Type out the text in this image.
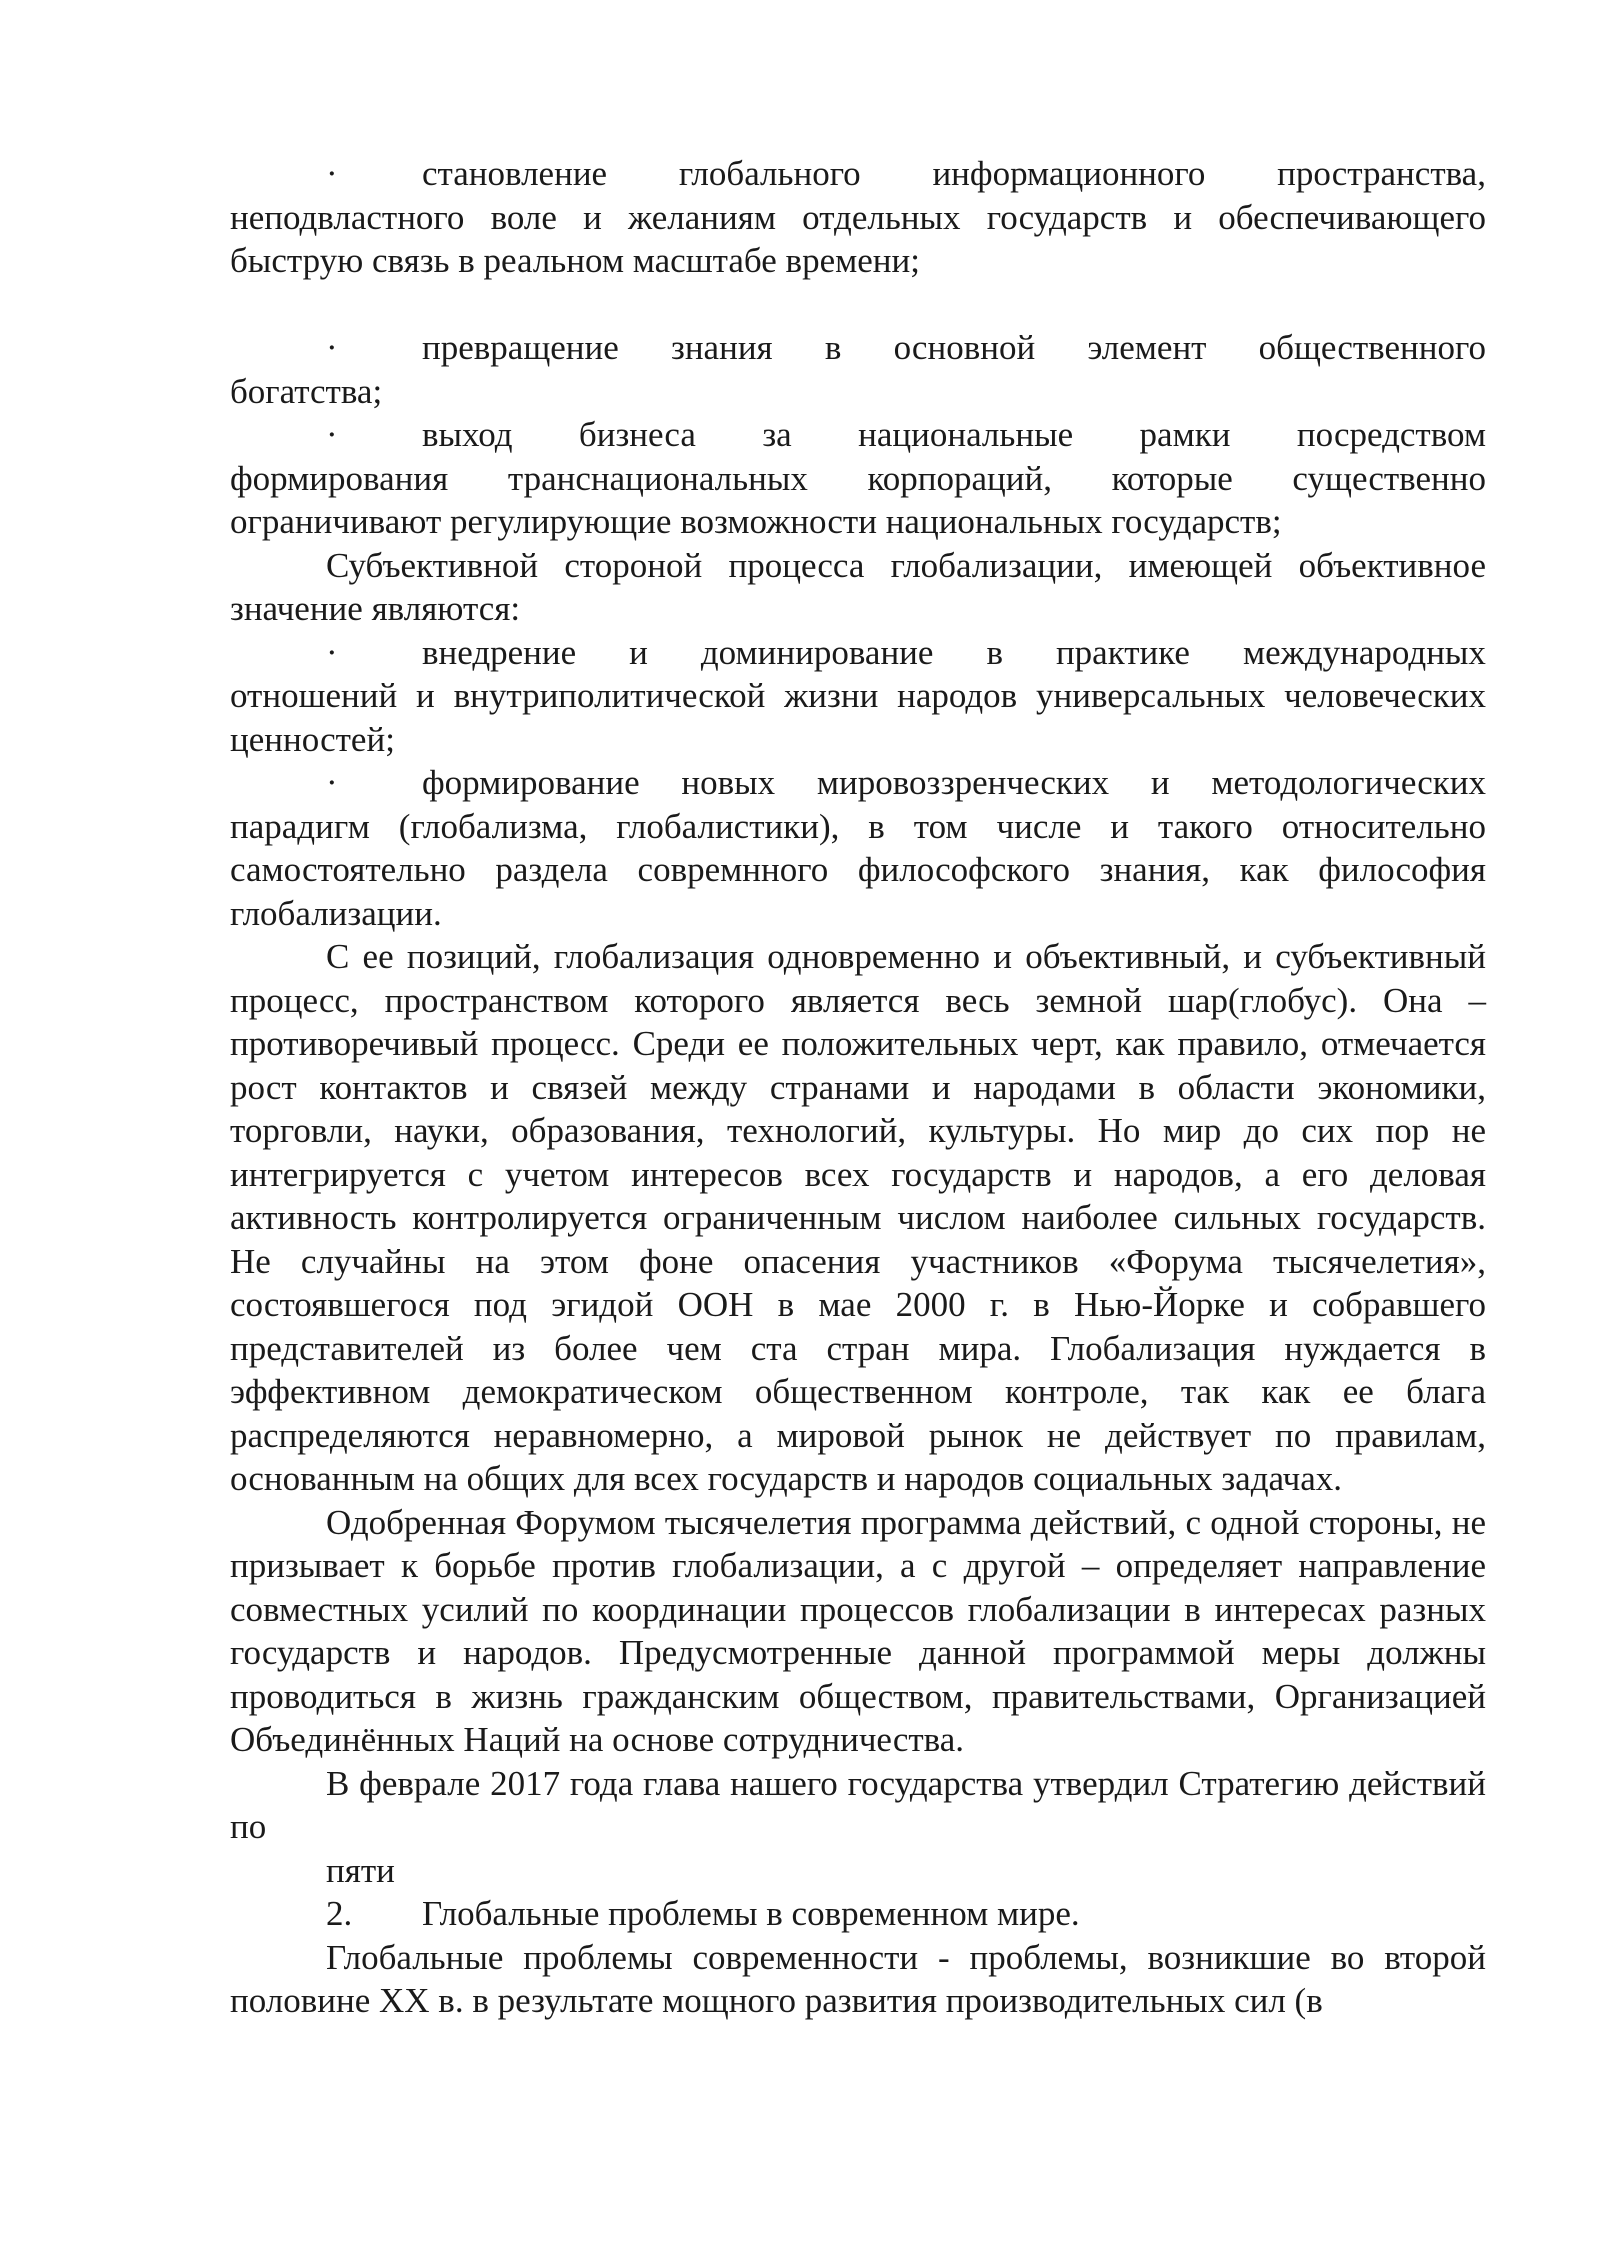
·	становление глобального информационного пространства,
неподвластного воле и желаниям отдельных государств и обеспечивающего быструю связь в реальном масштабе времени;
·	превращение знания в основной элемент общественного
богатства;
·	выход бизнеса за национальные рамки посредством
формирования транснациональных корпораций, которые существенно ограничивают регулирующие возможности национальных государств;

Субъективной стороной процесса глобализации, имеющей объективное значение являются:

·	внедрение и доминирование в практике международных
отношений и внутриполитической жизни народов универсальных человеческих ценностей;
·	формирование новых мировоззренческих и методологических
парадигм (глобализма, глобалистики), в том числе и такого относительно самостоятельно раздела совремнного философского знания, как философия глобализации.

С ее позиций, глобализация одновременно и объективный, и субъективный процесс, пространством которого является весь земной шар(глобус). Она – противоречивый процесс. Среди ее положительных черт, как правило, отмечается рост контактов и связей между странами и народами в области экономики, торговли, науки, образования, технологий, культуры. Но мир до сих пор не интегрируется с учетом интересов всех государств и народов, а его деловая активность контролируется ограниченным числом наиболее сильных государств. Не случайны на этом фоне опасения участников «Форума тысячелетия», состоявшегося под эгидой ООН в мае 2000 г. в Нью-Йорке и собравшего представителей из более чем ста стран мира. Глобализация нуждается в эффективном демократическом общественном контроле, так как ее блага распределяются неравномерно, а мировой рынок не действует по правилам, основанным на общих для всех государств и народов социальных задачах.

Одобренная Форумом тысячелетия программа действий, с одной стороны, не призывает к борьбе против глобализации, а с другой – определяет направление совместных усилий по координации процессов глобализации в интересах разных государств и народов. Предусмотренные данной программой меры должны проводиться в жизнь гражданским обществом, правительствами, Организацией Объединённых Наций на основе сотрудничества.

В феврале 2017 года глава нашего государства утвердил Стратегию действий по

пяти

2.	Глобальные проблемы в современном мире.

Глобальные проблемы современности - проблемы, возникшие во второй половине XX в. в результате мощного развития производительных сил (в
